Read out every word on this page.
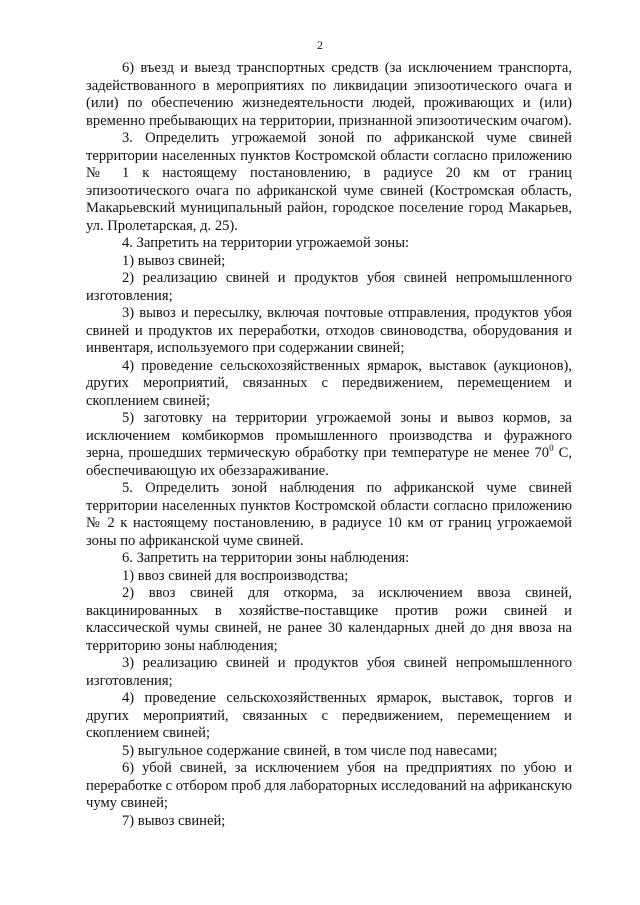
2

6) въезд и выезд транспортных средств (за исключением транспорта, задействованного в мероприятиях по ликвидации эпизоотического очага и (или) по обеспечению жизнедеятельности людей, проживающих и (или) временно пребывающих на территории, признанной эпизоотическим очагом).

3. Определить угрожаемой зоной по африканской чуме свиней территории населенных пунктов Костромской области согласно приложению № 1 к настоящему постановлению, в радиусе 20 км от границ эпизоотического очага по африканской чуме свиней (Костромская область, Макарьевский муниципальный район, городское поселение город Макарьев, ул. Пролетарская, д. 25).

4. Запретить на территории угрожаемой зоны:

1) вывоз свиней;

2) реализацию свиней и продуктов убоя свиней непромышленного изготовления;

3) вывоз и пересылку, включая почтовые отправления, продуктов убоя свиней и продуктов их переработки, отходов свиноводства, оборудования и инвентаря, используемого при содержании свиней;

4) проведение сельскохозяйственных ярмарок, выставок (аукционов), других мероприятий, связанных с передвижением, перемещением и скоплением свиней;

5) заготовку на территории угрожаемой зоны и вывоз кормов, за исключением комбикормов промышленного производства и фуражного зерна, прошедших термическую обработку при температуре не менее $70^0$ С, обеспечивающую их обеззараживание.

5. Определить зоной наблюдения по африканской чуме свиней территории населенных пунктов Костромской области согласно приложению № 2 к настоящему постановлению, в радиусе 10 км от границ угрожаемой зоны по африканской чуме свиней.

6. Запретить на территории зоны наблюдения:

1) ввоз свиней для воспроизводства;

2) ввоз свиней для откорма, за исключением ввоза свиней, вакцинированных в хозяйстве-поставщике против рожи свиней и классической чумы свиней, не ранее 30 календарных дней до дня ввоза на территорию зоны наблюдения;

3) реализацию свиней и продуктов убоя свиней непромышленного изготовления;

4) проведение сельскохозяйственных ярмарок, выставок, торгов и других мероприятий, связанных с передвижением, перемещением и скоплением свиней;

5) выгульное содержание свиней, в том числе под навесами;

6) убой свиней, за исключением убоя на предприятиях по убою и переработке с отбором проб для лабораторных исследований на африканскую чуму свиней;

7) вывоз свиней;
